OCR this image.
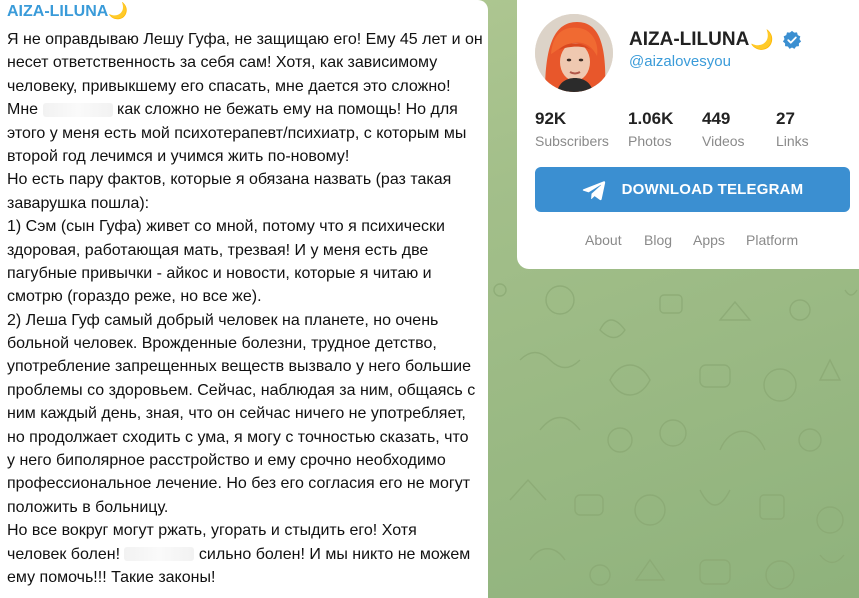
AIZA-LILUNA🌙
Я не оправдываю Лешу Гуфа, не защищаю его! Ему 45 лет и он
несет ответственность за себя сам! Хотя, как зависимому
человеку, привыкшему его спасать, мне дается это сложно!
Мне	как сложно не бежать ему на помощь! Но для
этого у меня есть мой психотерапевт/психиатр, с которым мы
второй год лечимся и учимся жить по-новому!
Но есть пару фактов, которые я обязана назвать (раз такая
заварушка пошла):
1) Сэм (сын Гуфа) живет со мной, потому что я психически
здоровая, работающая мать, трезвая! И у меня есть две
пагубные привычки - айкос и новости, которые я читаю и
смотрю (гораздо реже, но все же).
2) Леша Гуф самый добрый человек на планете, но очень
больной человек. Врожденные болезни, трудное детство,
употребление запрещенных веществ вызвало у него большие
проблемы со здоровьем. Сейчас, наблюдая за ним, общаясь с
ним каждый день, зная, что он сейчас ничего не употребляет,
но продолжает сходить с ума, я могу с точностью сказать, что
у него биполярное расстройство и ему срочно необходимо
профессиональное лечение. Но без его согласия его не могут
положить в больницу.
Но все вокруг могут ржать, угорать и стыдить его! Хотя
человек болен!	сильно болен! И мы никто не можем
ему помочь!!! Такие законы!
AIZA-LILUNA 🌙
@aizalovesyou
92K
Subscribers
1.06K
Photos
449
Videos
27
Links
DOWNLOAD TELEGRAM
About Blog Apps Platform
